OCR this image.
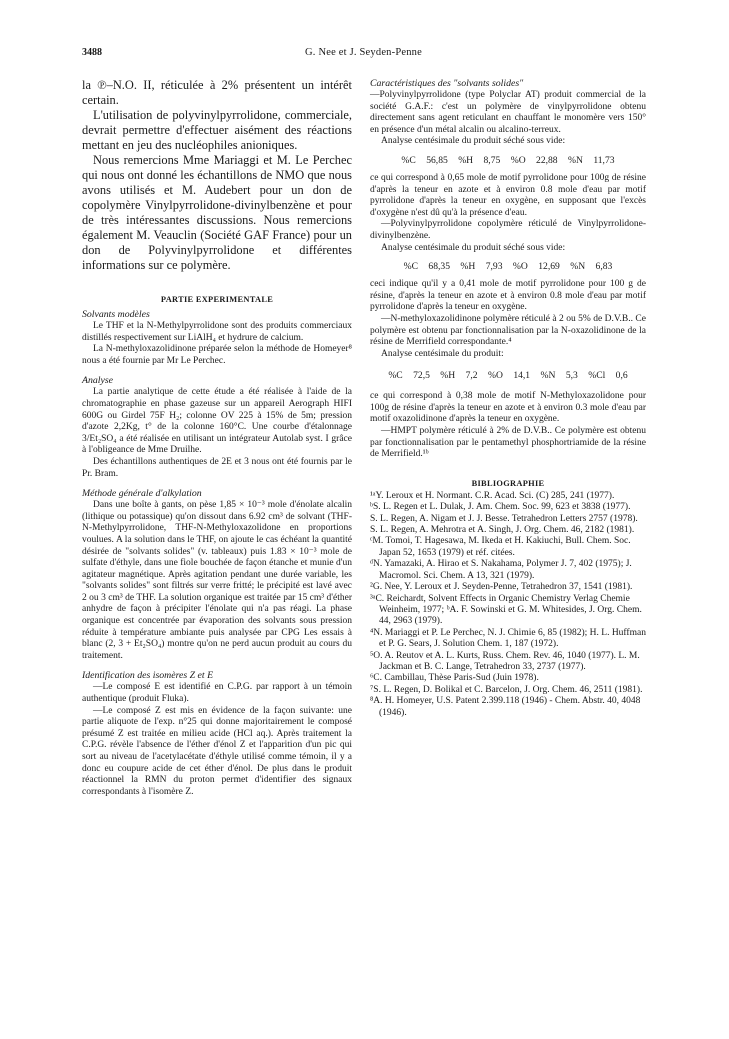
3488	G. Nee et J. Seyden-Penne

la ℗–N.O. II, réticulée à 2% présentent un intérêt certain.

L'utilisation de polyvinylpyrrolidone, commerciale, devrait permettre d'effectuer aisément des réactions mettant en jeu des nucléophiles anioniques.

Nous remercions Mme Mariaggi et M. Le Perchec qui nous ont donné les échantillons de NMO que nous avons utilisés et M. Audebert pour un don de copolymère Vinylpyrrolidone-divinylbenzène et pour de très intéressantes discussions. Nous remercions également M. Veauclin (Société GAF France) pour un don de Polyvinylpyrrolidone et différentes informations sur ce polymère.

PARTIE EXPERIMENTALE

Solvants modèles

Le THF et la N-Methylpyrrolidone sont des produits commerciaux distillés respectivement sur LiAlH₄ et hydrure de calcium.

La N-methyloxazolidinone préparée selon la méthode de Homeyer⁸ nous a été fournie par Mr Le Perchec.

Analyse

La partie analytique de cette étude a été réalisée à l'aide de la chromatographie en phase gazeuse sur un appareil Aerograph HIFI 600G ou Girdel 75F H₂; colonne OV 225 à 15% de 5m; pression d'azote 2,2Kg, t° de la colonne 160°C. Une courbe d'étalonnage 3/Et₂SO₄ a été réalisée en utilisant un intégrateur Autolab syst. I grâce à l'obligeance de Mme Druilhe.

Des échantillons authentiques de 2E et 3 nous ont été fournis par le Pr. Bram.

Méthode générale d'alkylation

Dans une boîte à gants, on pèse 1,85 × 10⁻³ mole d'énolate alcalin (lithique ou potassique) qu'on dissout dans 6.92 cm³ de solvant (THF-N-Methylpyrrolidone, THF-N-Methyloxazolidone en proportions voulues. A la solution dans le THF, on ajoute le cas échéant la quantité désirée de "solvants solides" (v. tableaux) puis 1.83 × 10⁻³ mole de sulfate d'éthyle, dans une fiole bouchée de façon étanche et munie d'un agitateur magnétique. Après agitation pendant une durée variable, les "solvants solides" sont filtrés sur verre fritté; le précipité est lavé avec 2 ou 3 cm³ de THF. La solution organique est traitée par 15 cm³ d'éther anhydre de façon à précipiter l'énolate qui n'a pas réagi. La phase organique est concentrée par évaporation des solvants sous pression réduite à température ambiante puis analysée par CPG Les essais à blanc (2, 3 + Et₂SO₄) montre qu'on ne perd aucun produit au cours du traitement.

Identification des isomères Z et E

—Le composé E est identifié en C.P.G. par rapport à un témoin authentique (produit Fluka).

—Le composé Z est mis en évidence de la façon suivante: une partie aliquote de l'exp. n°25 qui donne majoritairement le composé présumé Z est traitée en milieu acide (HCl aq.). Après traitement la C.P.G. révèle l'absence de l'éther d'énol Z et l'apparition d'un pic qui sort au niveau de l'acetylacétate d'éthyle utilisé comme témoin, il y a donc eu coupure acide de cet éther d'énol. De plus dans le produit réactionnel la RMN du proton permet d'identifier des signaux correspondants à l'isomère Z.

Caractéristiques des "solvants solides"

—Polyvinylpyrrolidone (type Polyclar AT) produit commercial de la société G.A.F.: c'est un polymère de vinylpyrrolidone obtenu directement sans agent reticulant en chauffant le monomère vers 150° en présence d'un métal alcalin ou alcalino-terreux.

Analyse centésimale du produit séché sous vide:

%C 56,85 %H 8,75 %O 22,88 %N 11,73

ce qui correspond à 0,65 mole de motif pyrrolidone pour 100g de résine d'après la teneur en azote et à environ 0.8 mole d'eau par motif pyrrolidone d'après la teneur en oxygène, en supposant que l'excès d'oxygène n'est dû qu'à la présence d'eau.

—Polyvinylpyrrolidone copolymère réticulé de Vinylpyrrolidone-divinylbenzène.

Analyse centésimale du produit séché sous vide:

%C 68,35 %H 7,93 %O 12,69 %N 6,83

ceci indique qu'il y a 0,41 mole de motif pyrrolidone pour 100 g de résine, d'après la teneur en azote et à environ 0.8 mole d'eau par motif pyrrolidone d'après la teneur en oxygène.

—N-methyloxazolidinone polymère réticulé à 2 ou 5% de D.V.B.. Ce polymère est obtenu par fonctionnalisation par la N-oxazolidinone de la résine de Merrifield correspondante.⁴

Analyse centésimale du produit:

%C 72,5 %H 7,2 %O 14,1 %N 5,3 %Cl 0,6

ce qui correspond à 0,38 mole de motif N-Methyloxazolidone pour 100g de résine d'après la teneur en azote et à environ 0.3 mole d'eau par motif oxazolidinone d'après la teneur en oxygène.

—HMPT polymère réticulé à 2% de D.V.B.. Ce polymère est obtenu par fonctionnalisation par le pentamethyl phosphortriamide de la résine de Merrifield.¹ᵇ

BIBLIOGRAPHIE

¹ᵃY. Leroux et H. Normant. C.R. Acad. Sci. (C) 285, 241 (1977).

ᵇS. L. Regen et L. Dulak, J. Am. Chem. Soc. 99, 623 et 3838 (1977).

S. L. Regen, A. Nigam et J. J. Besse. Tetrahedron Letters 2757 (1978).

S. L. Regen, A. Mehrotra et A. Singh, J. Org. Chem. 46, 2182 (1981).

ᶜM. Tomoi, T. Hagesawa, M. Ikeda et H. Kakiuchi, Bull. Chem. Soc. Japan 52, 1653 (1979) et réf. citées.

ᵈN. Yamazaki, A. Hirao et S. Nakahama, Polymer J. 7, 402 (1975); J. Macromol. Sci. Chem. A 13, 321 (1979).

²G. Nee, Y. Leroux et J. Seyden-Penne, Tetrahedron 37, 1541 (1981).

³ᵃC. Reichardt, Solvent Effects in Organic Chemistry Verlag Chemie Weinheim, 1977; ᵇA. F. Sowinski et G. M. Whitesides, J. Org. Chem. 44, 2963 (1979).

⁴N. Mariaggi et P. Le Perchec, N. J. Chimie 6, 85 (1982); H. L. Huffman et P. G. Sears, J. Solution Chem. 1, 187 (1972).

⁵O. A. Reutov et A. L. Kurts, Russ. Chem. Rev. 46, 1040 (1977). L. M. Jackman et B. C. Lange, Tetrahedron 33, 2737 (1977).

⁶C. Cambillau, Thèse Paris-Sud (Juin 1978).

⁷S. L. Regen, D. Bolikal et C. Barcelon, J. Org. Chem. 46, 2511 (1981).

⁸A. H. Homeyer, U.S. Patent 2.399.118 (1946) - Chem. Abstr. 40, 4048 (1946).
